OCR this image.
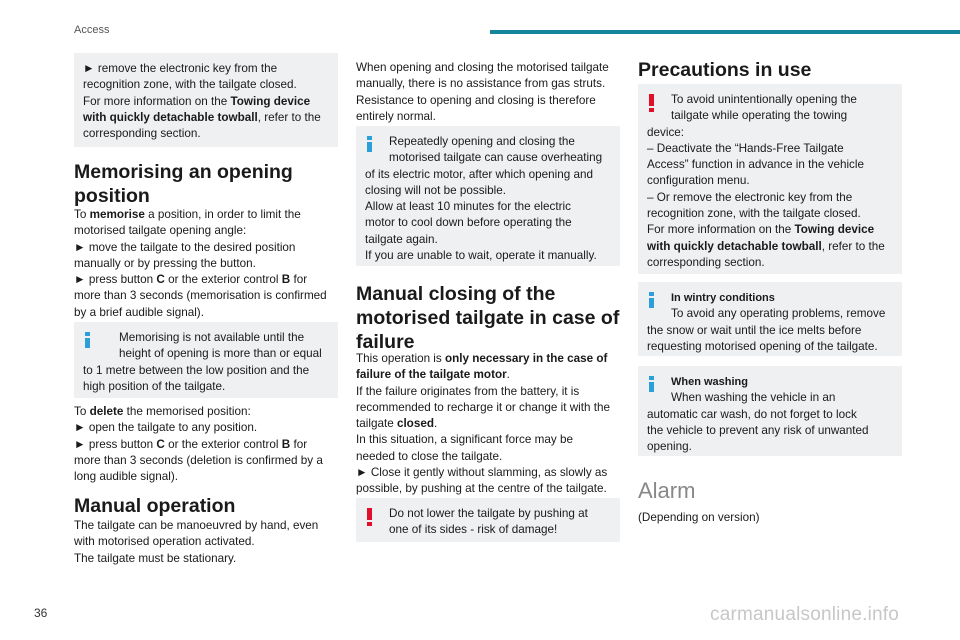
Access
► remove the electronic key from the
recognition zone, with the tailgate closed.
For more information on the Towing device
with quickly detachable towball, refer to the
corresponding section.
Memorising an opening position
To memorise a position, in order to limit the
motorised tailgate opening angle:
► move the tailgate to the desired position
manually or by pressing the button.
► press button C or the exterior control B for
more than 3 seconds (memorisation is confirmed
by a brief audible signal).
Memorising is not available until the
height of opening is more than or equal
to 1 metre between the low position and the
high position of the tailgate.
To delete the memorised position:
► open the tailgate to any position.
► press button C or the exterior control B for
more than 3 seconds (deletion is confirmed by a
long audible signal).
Manual operation
The tailgate can be manoeuvred by hand, even
with motorised operation activated.
The tailgate must be stationary.
When opening and closing the motorised tailgate
manually, there is no assistance from gas struts.
Resistance to opening and closing is therefore
entirely normal.
Repeatedly opening and closing the
motorised tailgate can cause overheating
of its electric motor, after which opening and
closing will not be possible.
Allow at least 10 minutes for the electric
motor to cool down before operating the
tailgate again.
If you are unable to wait, operate it manually.
Manual closing of the motorised tailgate in case of failure
This operation is only necessary in the case of
failure of the tailgate motor.
If the failure originates from the battery, it is
recommended to recharge it or change it with the
tailgate closed.
In this situation, a significant force may be
needed to close the tailgate.
► Close it gently without slamming, as slowly as
possible, by pushing at the centre of the tailgate.
Do not lower the tailgate by pushing at
one of its sides - risk of damage!
Precautions in use
To avoid unintentionally opening the
tailgate while operating the towing
device:
– Deactivate the “Hands-Free Tailgate
Access” function in advance in the vehicle
configuration menu.
– Or remove the electronic key from the
recognition zone, with the tailgate closed.
For more information on the Towing device
with quickly detachable towball, refer to the
corresponding section.
In wintry conditions
To avoid any operating problems, remove
the snow or wait until the ice melts before
requesting motorised opening of the tailgate.
When washing
When washing the vehicle in an
automatic car wash, do not forget to lock
the vehicle to prevent any risk of unwanted
opening.
Alarm
(Depending on version)
36	carmanualsonline.info
